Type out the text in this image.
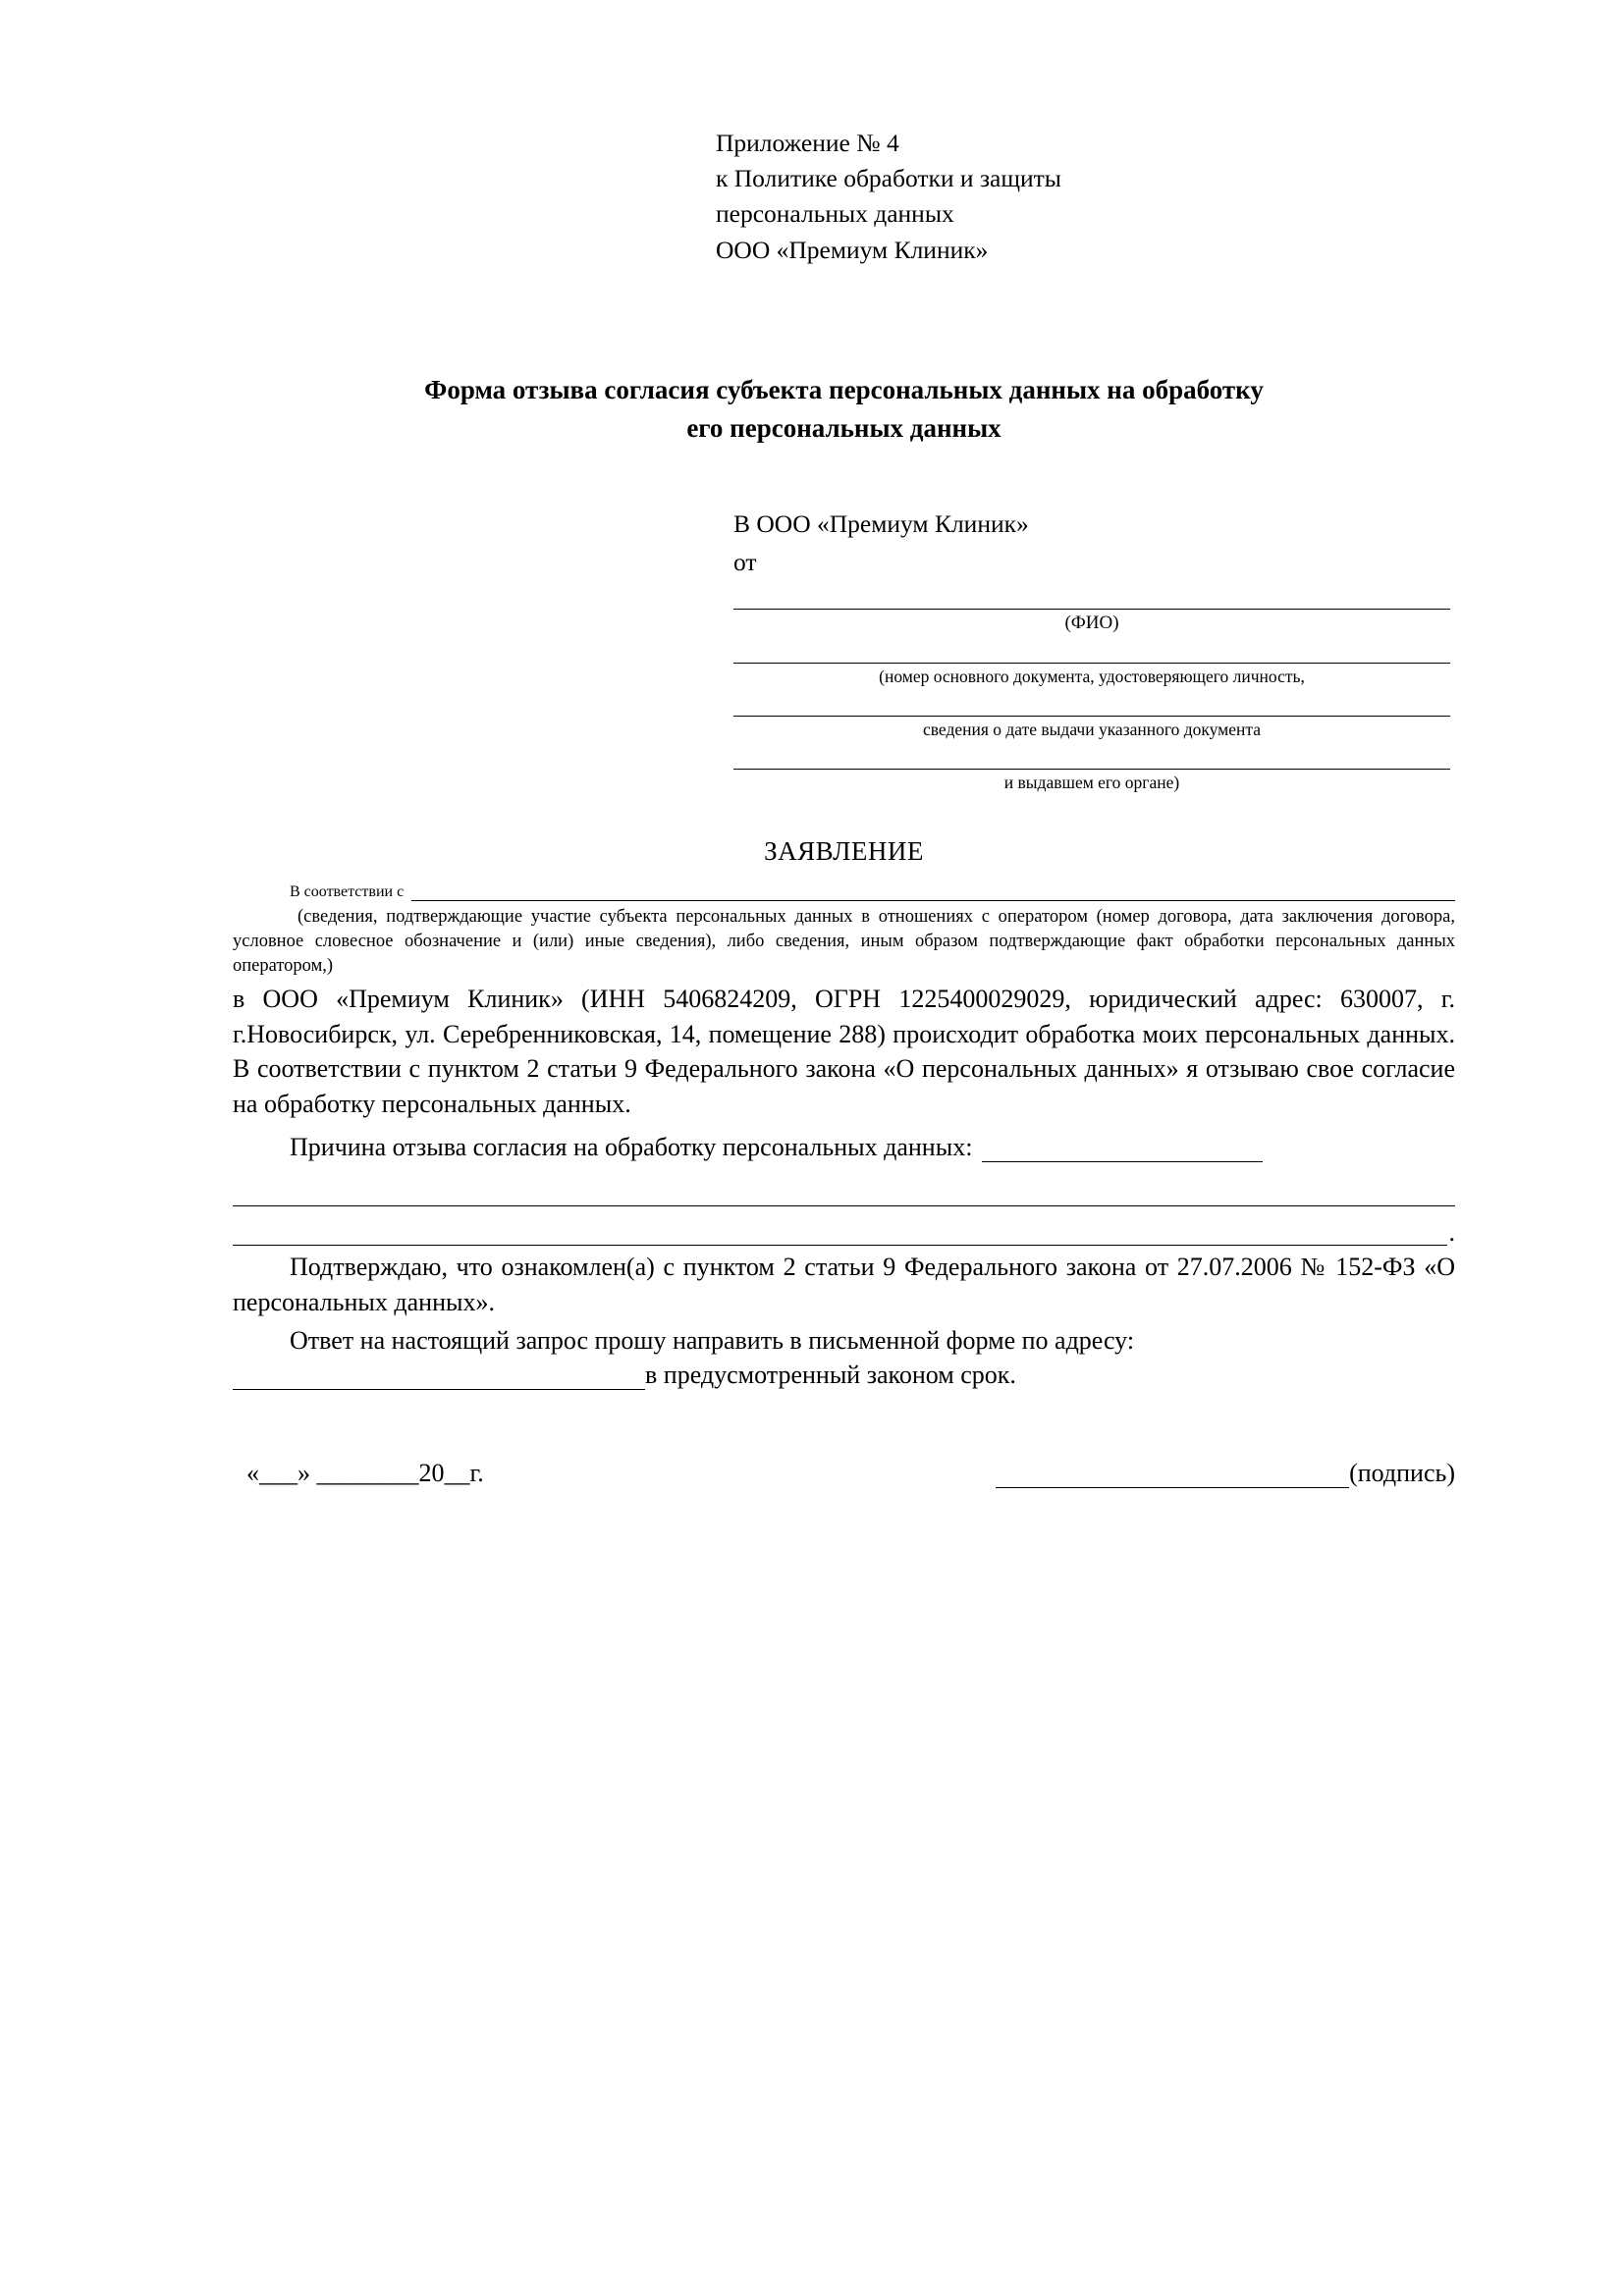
Приложение № 4
к Политике обработки и защиты
персональных данных
ООО «Премиум Клиник»
Форма отзыва согласия субъекта персональных данных на обработку
его персональных данных
В ООО «Премиум Клиник»
от
(ФИО)
(номер основного документа, удостоверяющего личность,
сведения о дате выдачи указанного документа
и выдавшем его органе)
ЗАЯВЛЕНИЕ
В соответствии с
(сведения, подтверждающие участие субъекта персональных данных в отношениях с оператором (номер договора, дата заключения договора, условное словесное обозначение и (или) иные сведения), либо сведения, иным образом подтверждающие факт обработки персональных данных оператором,)
в ООО «Премиум Клиник» (ИНН 5406824209, ОГРН 1225400029029, юридический адрес: 630007, г. г.Новосибирск, ул. Серебренниковская, 14, помещение 288) происходит обработка моих персональных данных. В соответствии с пунктом 2 статьи 9 Федерального закона «О персональных данных» я отзываю свое согласие на обработку персональных данных.
Причина отзыва согласия на обработку персональных данных:
.
Подтверждаю, что ознакомлен(а) с пунктом 2 статьи 9 Федерального закона от 27.07.2006 № 152-ФЗ «О персональных данных».
Ответ на настоящий запрос прошу направить в письменной форме по адресу:
в предусмотренный законом срок.
«___» ________20__г.	(подпись)
